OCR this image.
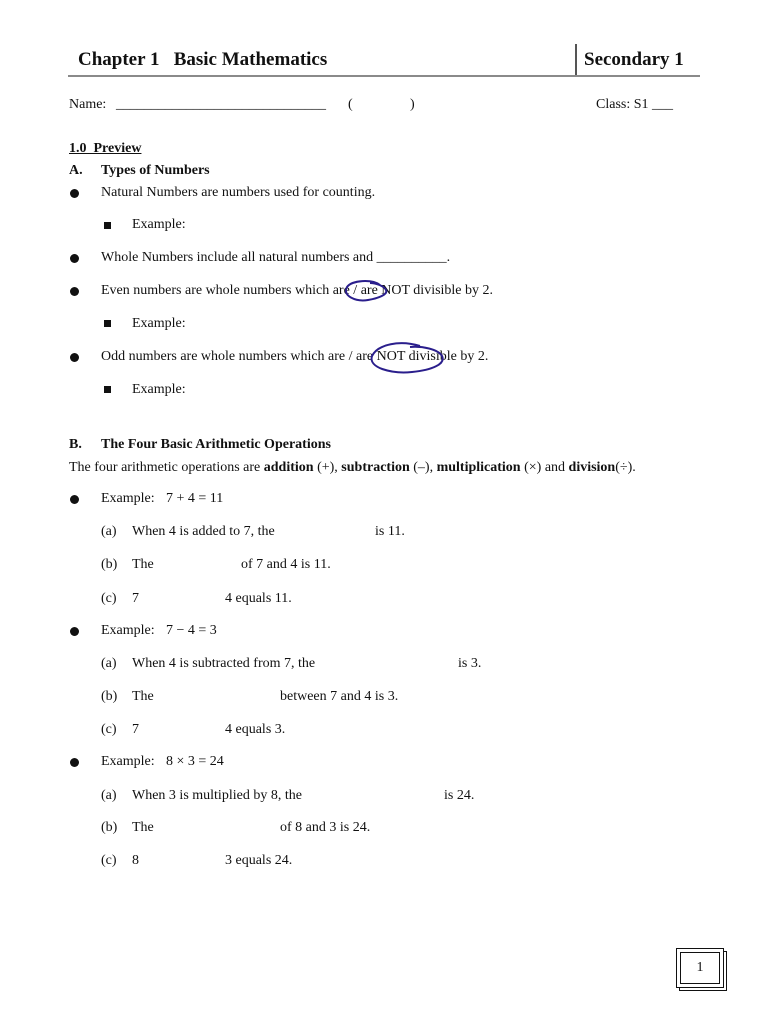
Chapter 1   Basic Mathematics	Secondary 1
Name: ______________________________ (	)	Class: S1 ___
1.0  Preview
A. Types of Numbers
Natural Numbers are numbers used for counting.
Example:
Whole Numbers include all natural numbers and __________.
Even numbers are whole numbers which are / are NOT divisible by 2.
Example:
Odd numbers are whole numbers which are / are NOT divisible by 2.
Example:
B. The Four Basic Arithmetic Operations
The four arithmetic operations are addition (+), subtraction (–), multiplication (×) and division(÷).
Example: 7 + 4 = 11
(a) When 4 is added to 7, the	is 11.
(b) The	of 7 and 4 is 11.
(c) 7	4 equals 11.
Example: 7 − 4 = 3
(a) When 4 is subtracted from 7, the	is 3.
(b) The	between 7 and 4 is 3.
(c) 7	4 equals 3.
Example: 8 × 3 = 24
(a) When 3 is multiplied by 8, the	is 24.
(b) The	of 8 and 3 is 24.
(c) 8	3 equals 24.
1
